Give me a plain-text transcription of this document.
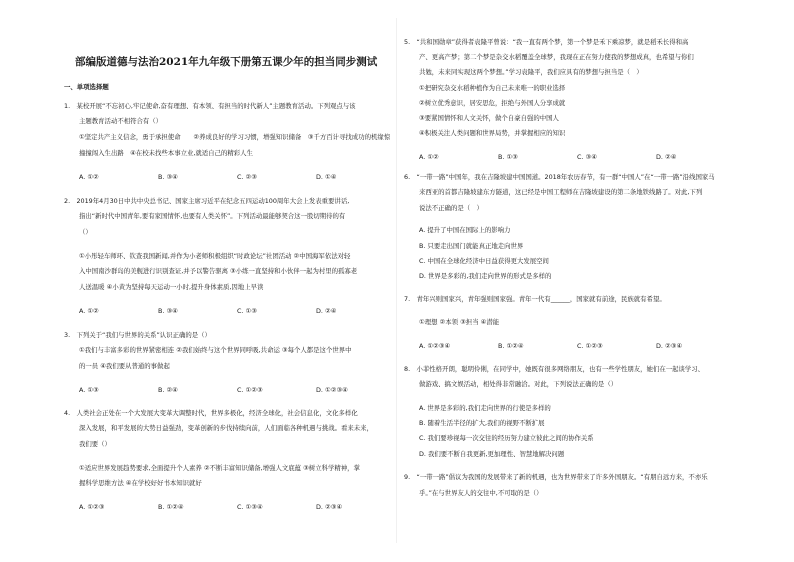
部编版道德与法治2021年九年级下册第五课少年的担当同步测试
一、单项选择题
1.　某校开展“不忘初心,牢记使命,奋有理想、有本领、有担当的时代新人”主题教育活动。下列观点与该
主题教育活动不相符合有（）
①坚定共产主义信念，勇于承担使命　　②养成良好的学习习惯，增强知识储备　③千方百计寻找成功的机缘惊
撞撞闯入生出路　④在校未找些本事立业,就适自己的精彩人生
A. ①②	B. ③④	C. ②③	D. ①④
2.　2019年4月30日中共中央总书记、国家主席习近平在纪念五四运动100周年大会上发表重要讲话,
指出“新时代中国青年,要有家国情怀,也要有人类关怀”。下列活动最能够契合这一股切期待的有
（）
①小彤轻车师环、钦查我国新闻,并作为小老师积极组织“时政论坛”社团活动 ②中国海军依法对轻
入中国南沙群岛的美舰进行识别查证,并予以警告驱离 ③小练一直坚持和小伙伴一起为村里的孤寡老
人送温暖 ④小黄为坚持每天运动一小时,提升身体素质,因地上早读
A. ①②	B. ③④	C. ①③	D. ②④
3.　下列关于“我们与世界的关系”认识正确的是（）
①我们与丰富多彩的世界紧密相连 ②我们始终与这个世界同呼吸,共命运 ③每个人都是这个世界中
的一员 ④我们要从普通的事做起
A. ①③	B. ②④	C. ①②③	D. ①②③④
4.　人类社会正处在一个大发展大变革大调整时代，世界多极化，经济全球化，社会信息化，文化多样化
深入发展，和平发展的大势日益强劲，变革创新的步伐持续向前，人们面临各种机遇与挑战。看来未来，
我们要（）
①适应世界发展趋势要求,全面提升个人素养 ②不断丰富知识储备,增强人文底蕴 ③树立科学精神，掌
握科学思维方法 ④在学校好好书本知识就好
A. ①②③	B. ①②④	C. ①③④	D. ②③④
5.　“共和国勋章”获得者袁隆平曾说：“我一直有两个梦，第一个梦是禾下乘凉梦，就是稻禾长得和高
产、更高产梦；第二个梦是杂交水稻覆盖全球梦，我现在正在努力使我的梦想成真，也希望与你们
共勉，未来同实现这两个梦想。”学习袁隆平，我们应具有的梦想与担当是（　）
①把研究杂交水稻种植作为自己未来唯一的职业选择
②树立优秀意识，居安思危，拒绝与外国人分享成就
③要紧国情怀和人文关怀，做个自豪自强的中国人
④积极关注人类问题和世界局势，并掌握相应的知识
A. ①②	B. ①③	C. ③④	D. ②④
6.　“一带一路”中国年，我在吉隆坡建中国国道。2018年农历春节，有一群“中国人”在“一带一路”沿线国家马
来西亚的首都吉隆坡建东方隧道，这已经是中国工程师在吉隆坡建设的第二条地铁线路了。对此,下列
说法不正确的是（　）
A. 提升了中国在国际上的影响力
B. 只要走出国门就能真正地走向世界
C. 中国在全球化经济中日益获得更大发展空间
D. 世界是多彩的,我们走向世界的形式是多样的
7.　青年兴则国家兴，青年强则国家强。青年一代有______，国家就有前途，民族就有希望。
①理想 ②本领 ③担当 ④潜能
A. ①②③④	B. ①②④	C. ①②③	D. ②③④
8.　小菲性格开朗，聪明伶俐，在同学中，她既有很多网络朋友，也有一些学性朋友，她们在一起谈学习、
做游戏、搞文娱活动，相处得非常融洽。对此，下列说法正确的是（）
A. 世界是多彩的,我们走向世界的行使是多样的
B. 随着生活半径的扩大,我们的视野不断扩展
C. 我们要珍视每一次交往的经历努力建立彼此之间的协作关系
D. 我们要不断自我更新,更加理性、智慧地解决问题
9.　“一带一路”倡议为我国的发展带来了新的机遇，也为世界带来了许多外国朋友。“有朋自远方来，不亦乐
乎。”在与世界友人的交往中,不可取的是（）
